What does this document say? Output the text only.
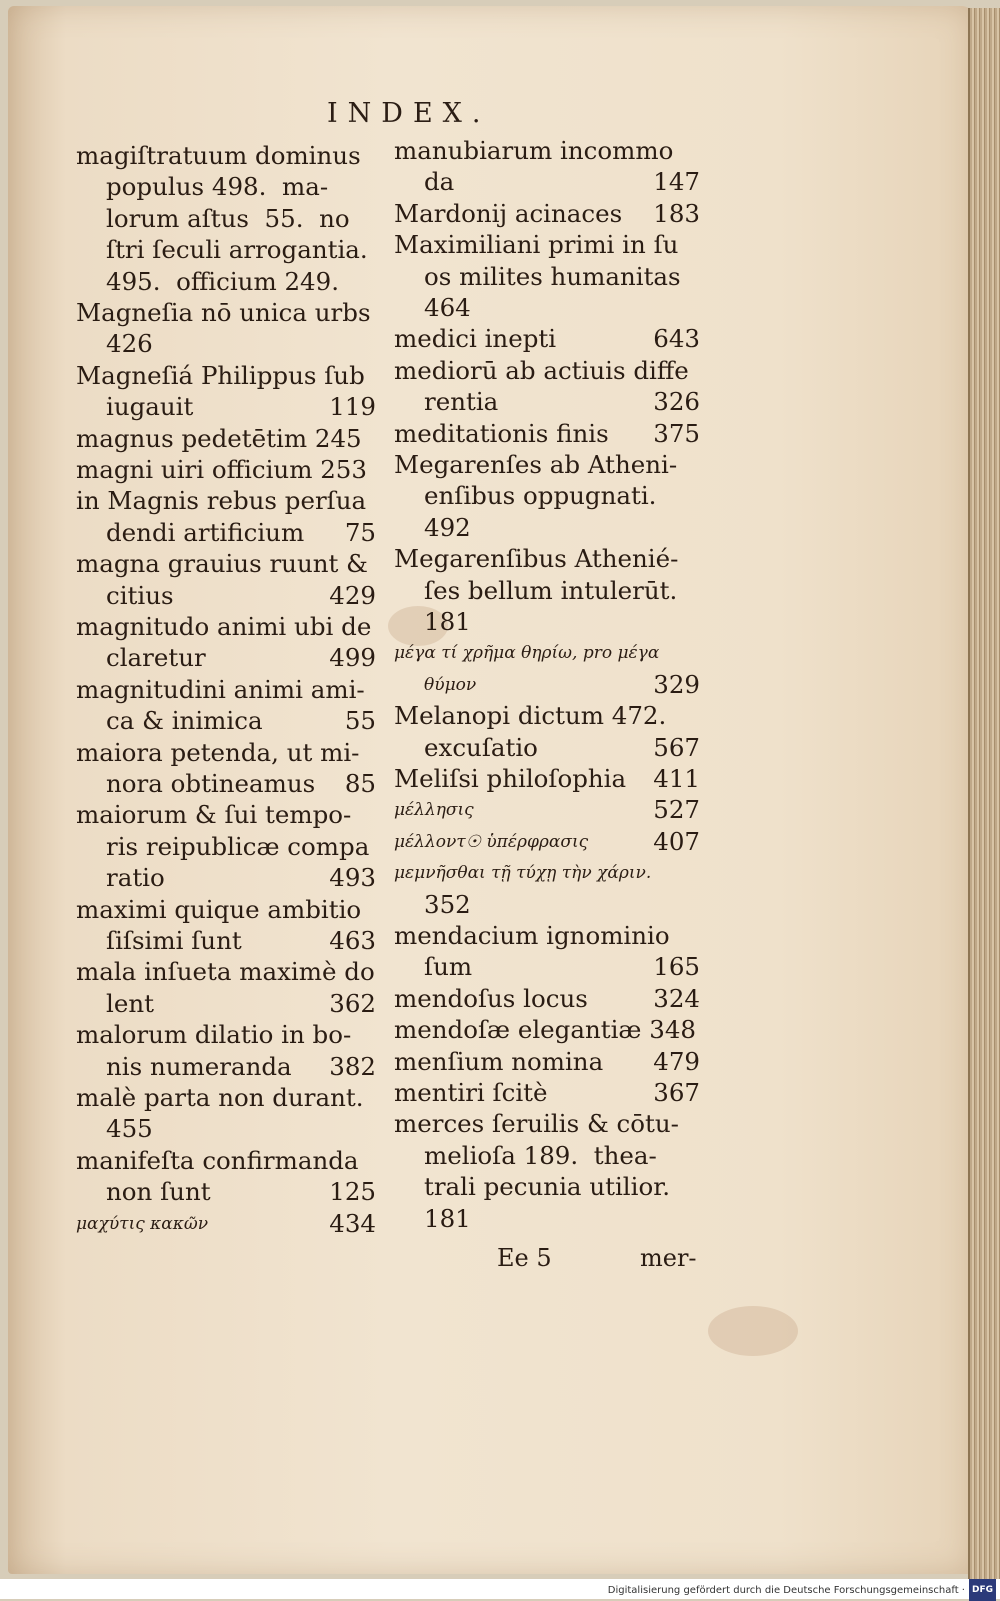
INDEX.
magiſtratuum dominus
populus 498.  ma-
lorum aſtus  55.  no
ſtri ſeculi arrogantia.
495.  officium 249.
Magneſia nō unica urbs
426
Magneſiá Philippus ſub
iugauit	119
magnus pedetētim 245
magni uiri officium 253
in Magnis rebus perſua
dendi artificium	75
magna grauius ruunt &
citius	429
magnitudo animi ubi de
claretur	499
magnitudini animi ami-
ca & inimica	55
maiora petenda, ut mi-
nora obtineamus	85
maiorum & ſui tempo-
ris reipublicæ compa
ratio	493
maximi quique ambitio
ſiſsimi ſunt	463
mala inſueta maximè do
lent	362
malorum dilatio in bo-
nis numeranda	382
malè parta non durant.
455
manifeſta confirmanda
non ſunt	125
μαχύτις κακῶν	434
manubiarum incommo
da	147
Mardonij acinaces	183
Maximiliani primi in ſu
os milites humanitas
464
medici inepti	643
mediorū ab actiuis diffe
rentia	326
meditationis finis	375
Megarenſes ab Atheni-
enſibus oppugnati.
492
Megarenſibus Athenié-
ſes bellum intulerūt.
181
μέγα τί χρῆμα θηρίω, pro μέγα
θύμον	329
Melanopi dictum 472.
excuſatio	567
Meliſsi philoſophia	411
μέλλησις	527
μέλλοντ☉ ὑπέρφρασις	407
μεμνῆσθαι τῇ τύχῃ τὴν χάριν.
352
mendacium ignominio
ſum	165
mendoſus locus	324
mendoſæ elegantiæ 348
menſium nomina	479
mentiri ſcitè	367
merces ſeruilis & cōtu-
melioſa 189.  thea-
trali pecunia utilior.
181
Ee 5	mer-
Digitalisierung gefördert durch die Deutsche Forschungsgemeinschaft · DFG
